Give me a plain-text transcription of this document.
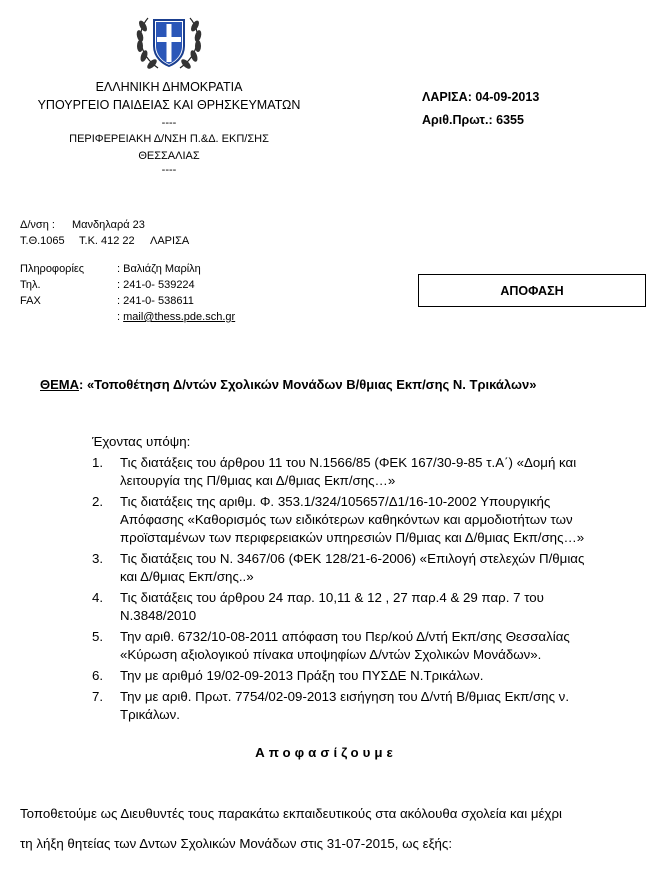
ΕΛΛΗΝΙΚΗ ΔΗΜΟΚΡΑΤΙΑ
ΥΠΟΥΡΓΕΙΟ ΠΑΙΔΕΙΑΣ ΚΑΙ ΘΡΗΣΚΕΥΜΑΤΩΝ
----
ΠΕΡΙΦΕΡΕΙΑΚΗ Δ/ΝΣΗ Π.&Δ. ΕΚΠ/ΣΗΣ
ΘΕΣΣΑΛΙΑΣ
----
ΛΑΡΙΣΑ: 04-09-2013
Αριθ.Πρωτ.: 6355
Δ/νση : Μανδηλαρά 23
Τ.Θ.1065 Τ.Κ. 412 22 ΛΑΡΙΣΑ
Πληροφορίες	: Βαλιάζη Μαρίλη
Τηλ.	: 241-0- 539224
FAX	: 241-0- 538611
: mail@thess.pde.sch.gr
ΑΠΟΦΑΣΗ
ΘΕΜΑ: «Τοποθέτηση Δ/ντών Σχολικών Μονάδων Β/θμιας Εκπ/σης Ν. Τρικάλων»
Έχοντας υπόψη:
1. Τις διατάξεις του άρθρου 11 του Ν.1566/85 (ΦΕΚ 167/30-9-85 τ.Α΄) «Δομή και
λειτουργία της Π/θμιας και Δ/θμιας Εκπ/σης…»
2. Τις διατάξεις της αριθμ. Φ. 353.1/324/105657/Δ1/16-10-2002 Υπουργικής
Απόφασης «Καθορισμός των ειδικότερων καθηκόντων και αρμοδιοτήτων των
προϊσταμένων των περιφερειακών υπηρεσιών Π/θμιας και Δ/θμιας Εκπ/σης…»
3. Τις διατάξεις του Ν. 3467/06 (ΦΕΚ 128/21-6-2006) «Επιλογή στελεχών Π/θμιας
και Δ/θμιας Εκπ/σης..»
4. Τις διατάξεις του άρθρου 24 παρ. 10,11 & 12 , 27 παρ.4 & 29 παρ. 7 του
Ν.3848/2010
5. Την αριθ. 6732/10-08-2011 απόφαση του Περ/κού Δ/ντή Εκπ/σης Θεσσαλίας
«Κύρωση αξιολογικού πίνακα υποψηφίων Δ/ντών Σχολικών Μονάδων».
6. Την με αριθμό 19/02-09-2013 Πράξη του ΠΥΣΔΕ Ν.Τρικάλων.
7. Την με αριθ. Πρωτ. 7754/02-09-2013 εισήγηση του Δ/ντή Β/θμιας Εκπ/σης ν.
Τρικάλων.
Αποφασίζουμε
Τοποθετούμε ως Διευθυντές τους παρακάτω εκπαιδευτικούς στα ακόλουθα σχολεία και μέχρι
τη λήξη θητείας των Δντων Σχολικών Μονάδων στις 31-07-2015, ως εξής:
